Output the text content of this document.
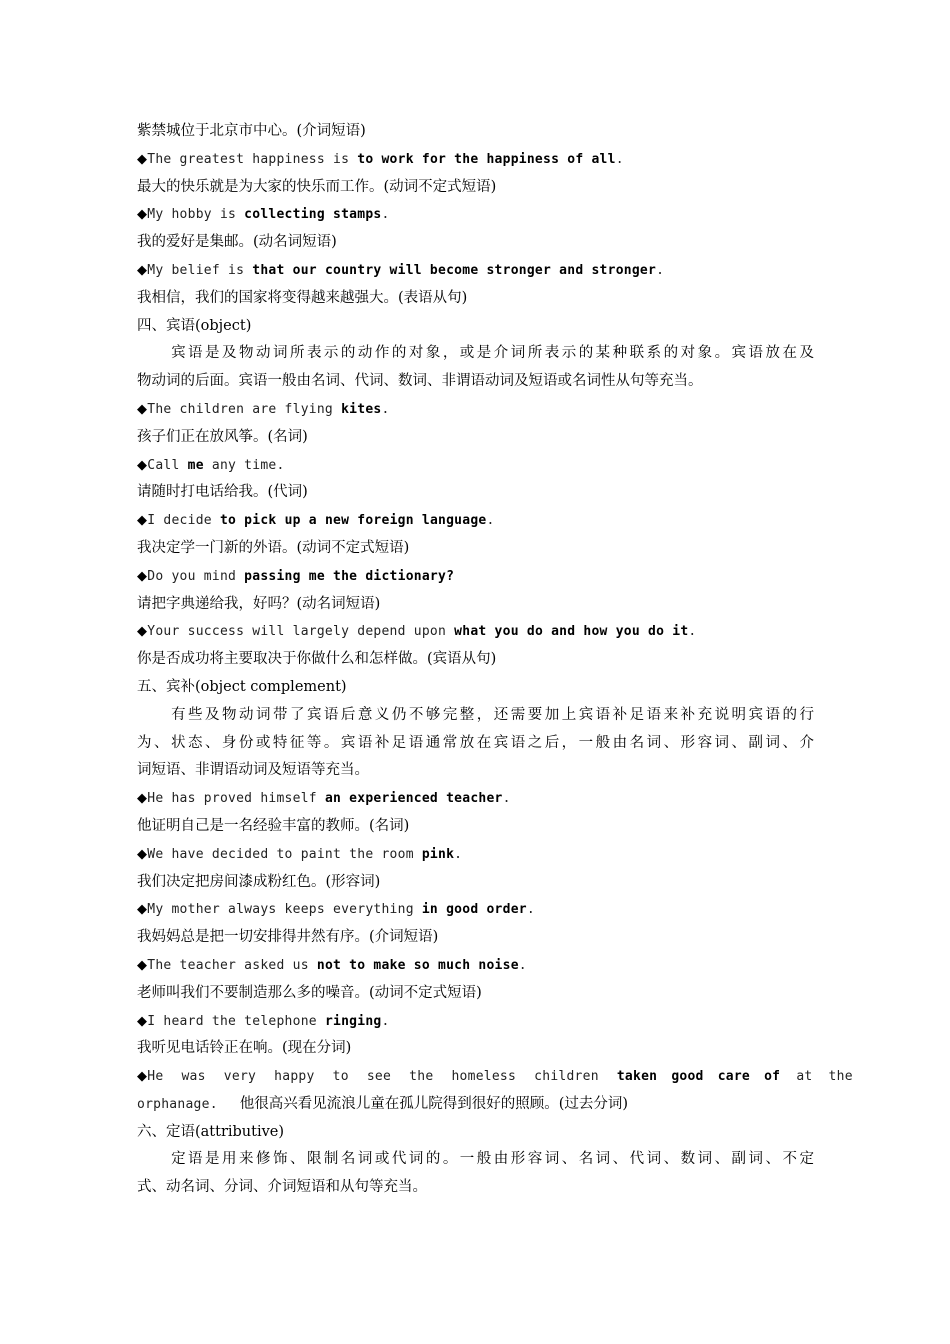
紫禁城位于北京市中心。(介词短语)
◆The greatest happiness is to work for the happiness of all.
最大的快乐就是为大家的快乐而工作。(动词不定式短语)
◆My hobby is collecting stamps.
我的爱好是集邮。(动名词短语)
◆My belief is that our country will become stronger and stronger.
我相信，我们的国家将变得越来越强大。(表语从句)
四、宾语(object)
宾语是及物动词所表示的动作的对象，或是介词所表示的某种联系的对象。宾语放在及
物动词的后面。宾语一般由名词、代词、数词、非谓语动词及短语或名词性从句等充当。
◆The children are flying kites.
孩子们正在放风筝。(名词)
◆Call me any time.
请随时打电话给我。(代词)
◆I decide to pick up a new foreign language.
我决定学一门新的外语。(动词不定式短语)
◆Do you mind passing me the dictionary?
请把字典递给我，好吗？(动名词短语)
◆Your success will largely depend upon what you do and how you do it.
你是否成功将主要取决于你做什么和怎样做。(宾语从句)
五、宾补(object complement)
有些及物动词带了宾语后意义仍不够完整，还需要加上宾语补足语来补充说明宾语的行
为、状态、身份或特征等。宾语补足语通常放在宾语之后，一般由名词、形容词、副词、介
词短语、非谓语动词及短语等充当。
◆He has proved himself an experienced teacher.
他证明自己是一名经验丰富的教师。(名词)
◆We have decided to paint the room pink.
我们决定把房间漆成粉红色。(形容词)
◆My mother always keeps everything in good order.
我妈妈总是把一切安排得井然有序。(介词短语)
◆The teacher asked us not to make so much noise.
老师叫我们不要制造那么多的噪音。(动词不定式短语)
◆I heard the telephone ringing.
我听见电话铃正在响。(现在分词)
◆He was very happy to see the homeless children taken good care of at the
orphanage. 他很高兴看见流浪儿童在孤儿院得到很好的照顾。(过去分词)
六、定语(attributive)
定语是用来修饰、限制名词或代词的。一般由形容词、名词、代词、数词、副词、不定
式、动名词、分词、介词短语和从句等充当。
